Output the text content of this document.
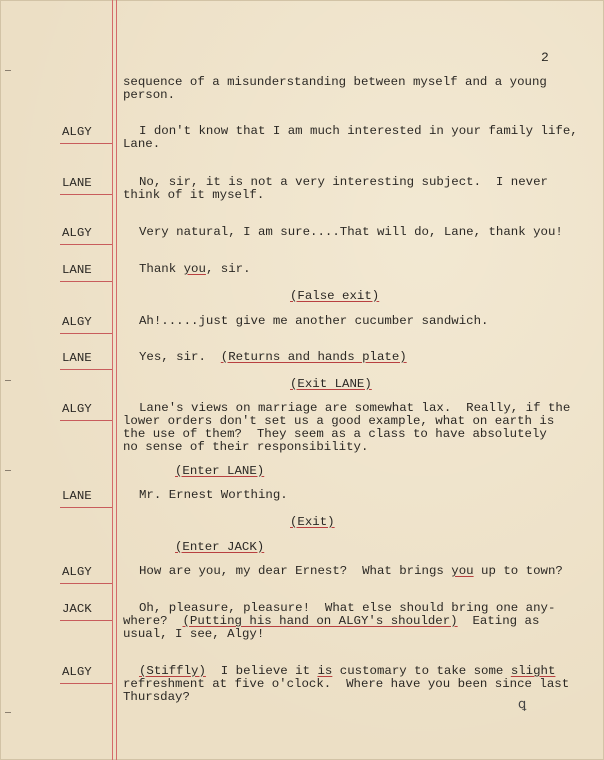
2
sequence of a misunderstanding between myself and a young
person.
ALGY	I don't know that I am much interested in your family life,
Lane.
LANE	No, sir, it is not a very interesting subject.  I never
think of it myself.
ALGY	Very natural, I am sure....That will do, Lane, thank you!
LANE	Thank you, sir.
(False exit)
ALGY	Ah!.....just give me another cucumber sandwich.
LANE	Yes, sir.  (Returns and hands plate)
(Exit LANE)
ALGY	Lane's views on marriage are somewhat lax.  Really, if the
lower orders don't set us a good example, what on earth is
the use of them?  They seem as a class to have absolutely
no sense of their responsibility.
(Enter LANE)
LANE	Mr. Ernest Worthing.
(Exit)
(Enter JACK)
ALGY	How are you, my dear Ernest?  What brings you up to town?
JACK	Oh, pleasure, pleasure!  What else should bring one any-
where?  (Putting his hand on ALGY's shoulder)  Eating as
usual, I see, Algy!
ALGY	(Stiffly)  I believe it is customary to take some slight
refreshment at five o'clock.  Where have you been since last
Thursday?	ꝗ
